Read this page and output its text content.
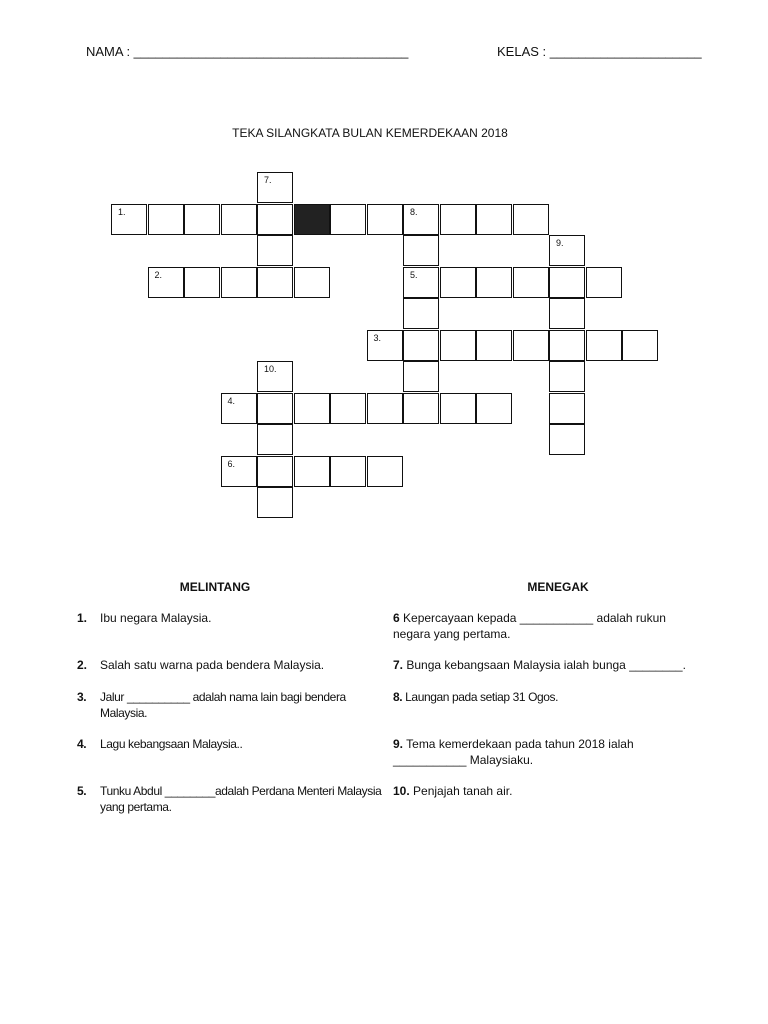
NAMA : ______________________________________	KELAS : _____________________
TEKA SILANGKATA BULAN KEMERDEKAAN 2018
7.
1.	8.
9.
2.	5.
3.
10.
4.
6.
MELINTANG	MENEGAK
1. Ibu negara Malaysia.
2. Salah satu warna pada bendera Malaysia.
3. Jalur __________ adalah nama lain bagi bendera Malaysia.
4. Lagu kebangsaan Malaysia..
5. Tunku Abdul ________adalah Perdana Menteri Malaysia yang pertama.
6 Kepercayaan kepada ___________ adalah rukun negara yang pertama.
7. Bunga kebangsaan Malaysia ialah bunga ________.
8. Laungan pada setiap 31 Ogos.
9. Tema kemerdekaan pada tahun 2018 ialah ___________ Malaysiaku.
10. Penjajah tanah air.
